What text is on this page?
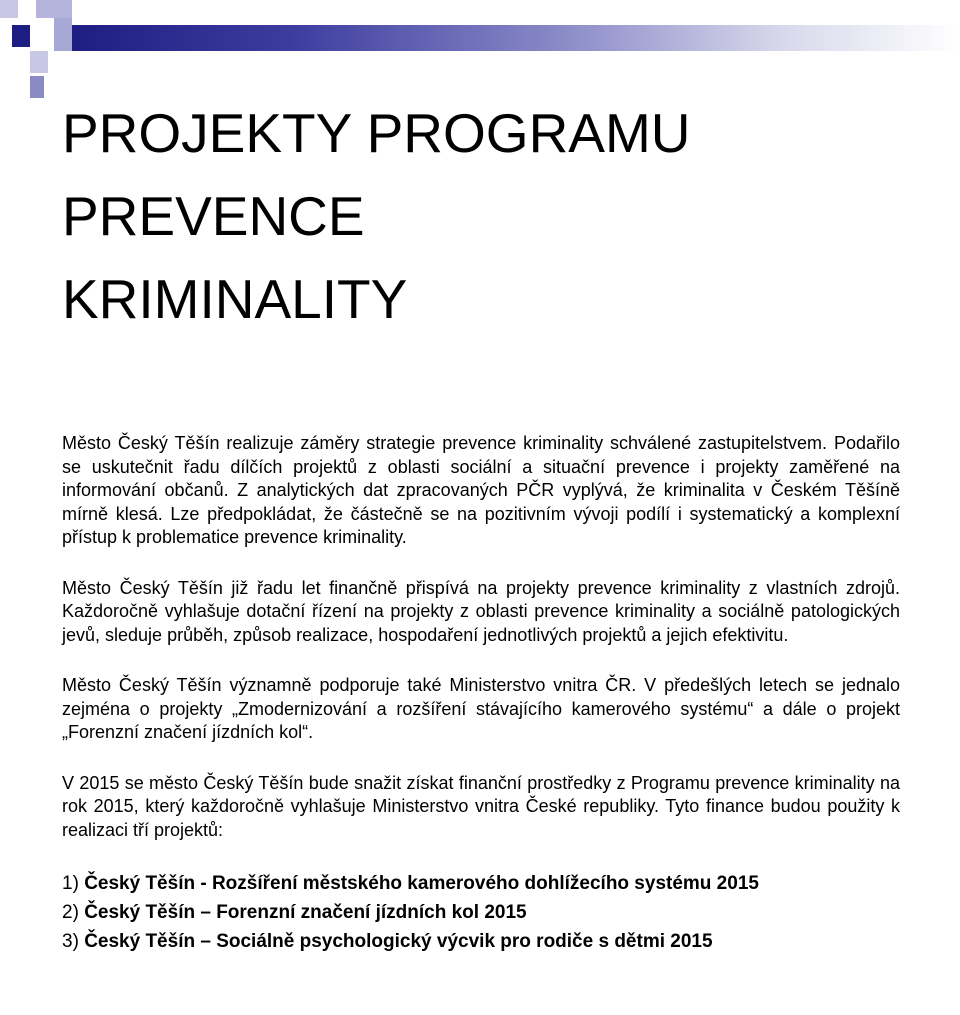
PROJEKTY PROGRAMU
PREVENCE
KRIMINALITY

Město Český Těšín realizuje záměry strategie prevence kriminality schválené zastupitelstvem. Podařilo se uskutečnit řadu dílčích projektů z oblasti sociální a situační prevence i projekty zaměřené na informování občanů. Z analytických dat zpracovaných PČR vyplývá, že kriminalita v Českém Těšíně mírně klesá. Lze předpokládat, že částečně se na pozitivním vývoji podílí i systematický a komplexní přístup k problematice prevence kriminality.

Město Český Těšín již řadu let finančně přispívá na projekty prevence kriminality z vlastních zdrojů. Každoročně vyhlašuje dotační řízení na projekty z oblasti prevence kriminality a sociálně patologických jevů, sleduje průběh, způsob realizace, hospodaření jednotlivých projektů a jejich efektivitu.

Město Český Těšín významně podporuje také Ministerstvo vnitra ČR. V předešlých letech se jednalo zejména o projekty „Zmodernizování a rozšíření stávajícího kamerového systému“ a dále o projekt „Forenzní značení jízdních kol“.

V 2015 se město Český Těšín bude snažit získat finanční prostředky z Programu prevence kriminality na rok 2015, který každoročně vyhlašuje Ministerstvo vnitra České republiky. Tyto finance budou použity k realizaci tří projektů:

1) Český Těšín - Rozšíření městského kamerového dohlížecího systému 2015
2) Český Těšín – Forenzní značení jízdních kol 2015
3) Český Těšín – Sociálně psychologický výcvik pro rodiče s dětmi 2015
